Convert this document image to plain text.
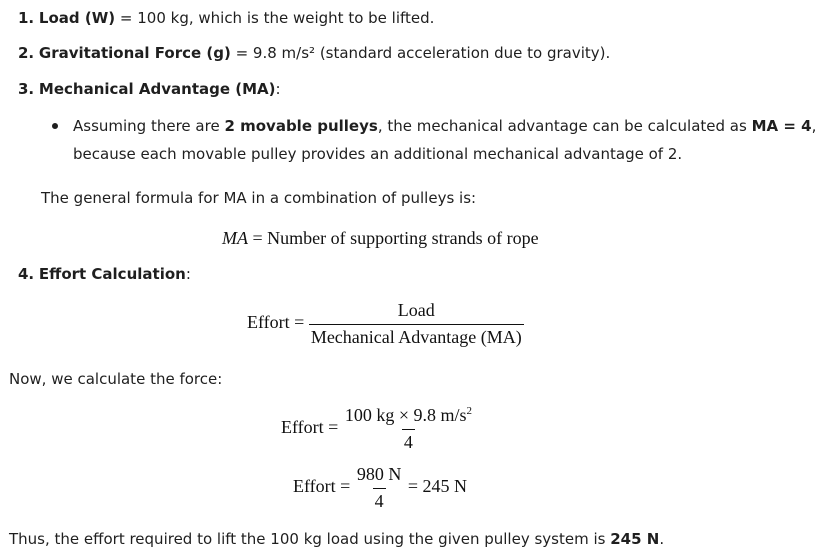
1. Load (W) = 100 kg, which is the weight to be lifted.
2. Gravitational Force (g) = 9.8 m/s² (standard acceleration due to gravity).
3. Mechanical Advantage (MA):
Assuming there are 2 movable pulleys, the mechanical advantage can be calculated as MA = 4,
because each movable pulley provides an additional mechanical advantage of 2.
The general formula for MA in a combination of pulleys is:
MA = Number of supporting strands of rope
4. Effort Calculation:
Effort = $\frac{\text{Load}}{\text{Mechanical Advantage (MA)}}$
Now, we calculate the force:
Effort = $\frac{100 kg \times 9.8 m/s^2}{4}$
Effort = $\frac{980 N}{4} = 245$ N
Thus, the effort required to lift the 100 kg load using the given pulley system is 245 N.
